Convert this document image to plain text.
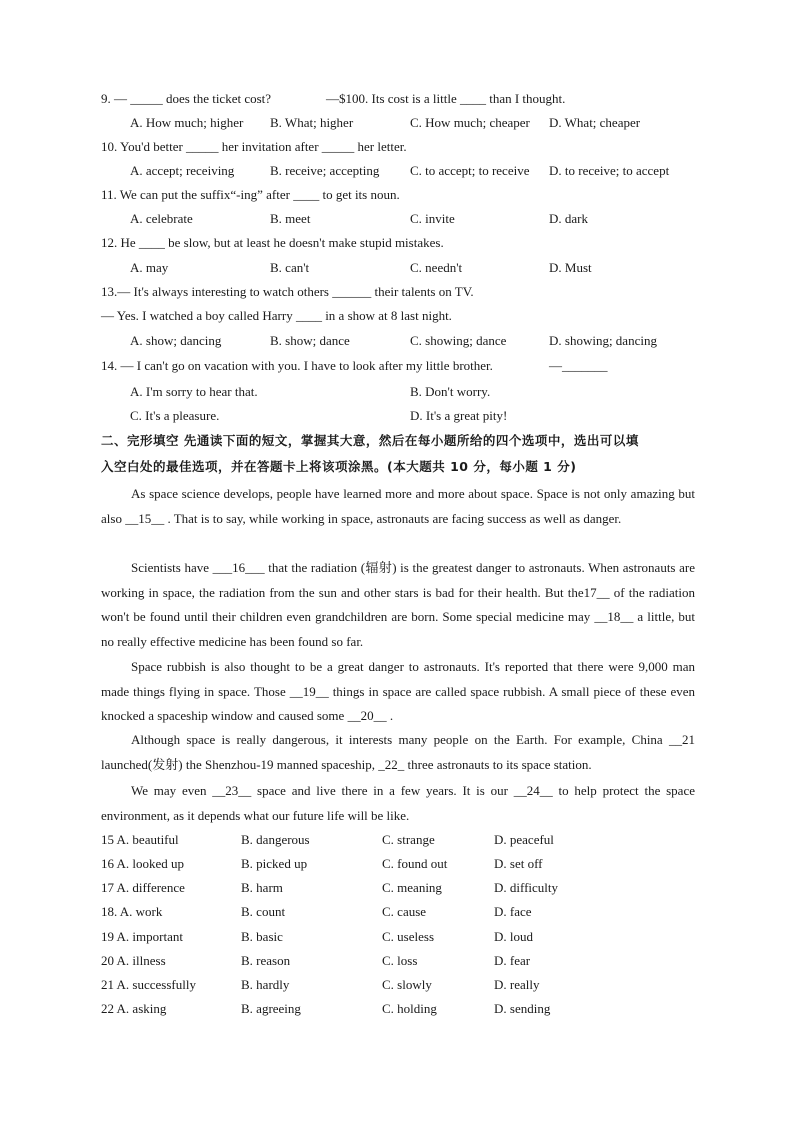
9. — _____ does the ticket cost?	—$100. Its cost is a little ____ than I thought.
A. How much; higher B. What; higher	C. How much; cheaper D. What; cheaper
10. You'd better _____ her invitation after _____ her letter.
A. accept; receiving	B. receive; accepting C. to accept; to receive D. to receive; to accept
11. We can put the suffix“-ing” after ____ to get its noun.
A. celebrate	B. meet	C. invite	D. dark
12. He ____ be slow, but at least he doesn't make stupid mistakes.
A. may	B. can't	C. needn't	D. Must
13.— It's always interesting to watch others ______ their talents on TV.
— Yes. I watched a boy called Harry ____ in a show at 8 last night.
A. show; dancing	B. show; dance	C. showing; dance	D. showing; dancing
14. — I can't go on vacation with you. I have to look after my little brother.	—_______
A. I'm sorry to hear that.	B. Don't worry.
C. It's a pleasure.	D. It's a great pity!
二、完形填空 先通读下面的短文，掌握其大意，然后在每小题所给的四个选项中，选出可以填
入空白处的最佳选项，并在答题卡上将该项涂黑。(本大题共 10 分，每小题 1 分)
As space science develops, people have learned more and more about space. Space is not only amazing but also __15__ . That is to say, while working in space, astronauts are facing success as well as danger.
Scientists have ___16___ that the radiation (辐射) is the greatest danger to astronauts. When astronauts are working in space, the radiation from the sun and other stars is bad for their health. But the17__ of the radiation won't be found until their children even grandchildren are born. Some special medicine may __18__ a little, but no really effective medicine has been found so far.
Space rubbish is also thought to be a great danger to astronauts. It's reported that there were 9,000 man made things flying in space. Those __19__ things in space are called space rubbish. A small piece of these even knocked a spaceship window and caused some __20__ .
Although space is really dangerous, it interests many people on the Earth. For example, China __21 launched(发射) the Shenzhou-19 manned spaceship, _22_ three astronauts to its space station.
We may even __23__ space and live there in a few years. It is our __24__ to help protect the space environment, as it depends what our future life will be like.
15 A. beautiful	B. dangerous	C. strange	D. peaceful
16 A. looked up	B. picked up	C. found out	D. set off
17 A. difference	B. harm	C. meaning	D. difficulty
18. A. work	B. count	C. cause	D. face
19 A. important	B. basic	C. useless	D. loud
20 A. illness	B. reason	C. loss	D. fear
21 A. successfully	B. hardly	C. slowly	D. really
22 A. asking	B. agreeing	C. holding	D. sending
